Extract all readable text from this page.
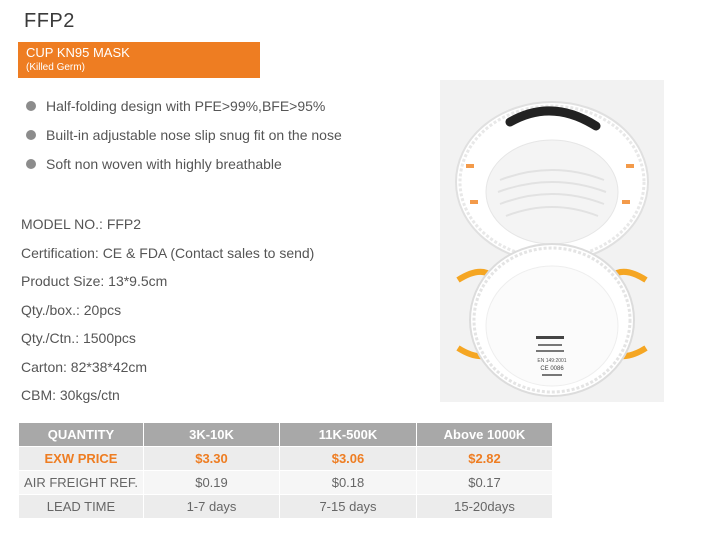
FFP2
CUP KN95 MASK
(Killed Germ)
Half-folding design with PFE>99%,BFE>95%
Built-in adjustable nose slip snug fit on the nose
Soft non woven with highly breathable
MODEL NO.: FFP2
Certification: CE & FDA (Contact sales to send)
Product Size: 13*9.5cm
Qty./box.: 20pcs
Qty./Ctn.: 1500pcs
Carton: 82*38*42cm
CBM: 30kgs/ctn
EN 149:2001
CE 0086
QUANTITY	3K-10K	11K-500K	Above 1000K
EXW PRICE	$3.30	$3.06	$2.82
AIR FREIGHT REF.	$0.19	$0.18	$0.17
LEAD TIME	1-7 days	7-15 days	15-20days
